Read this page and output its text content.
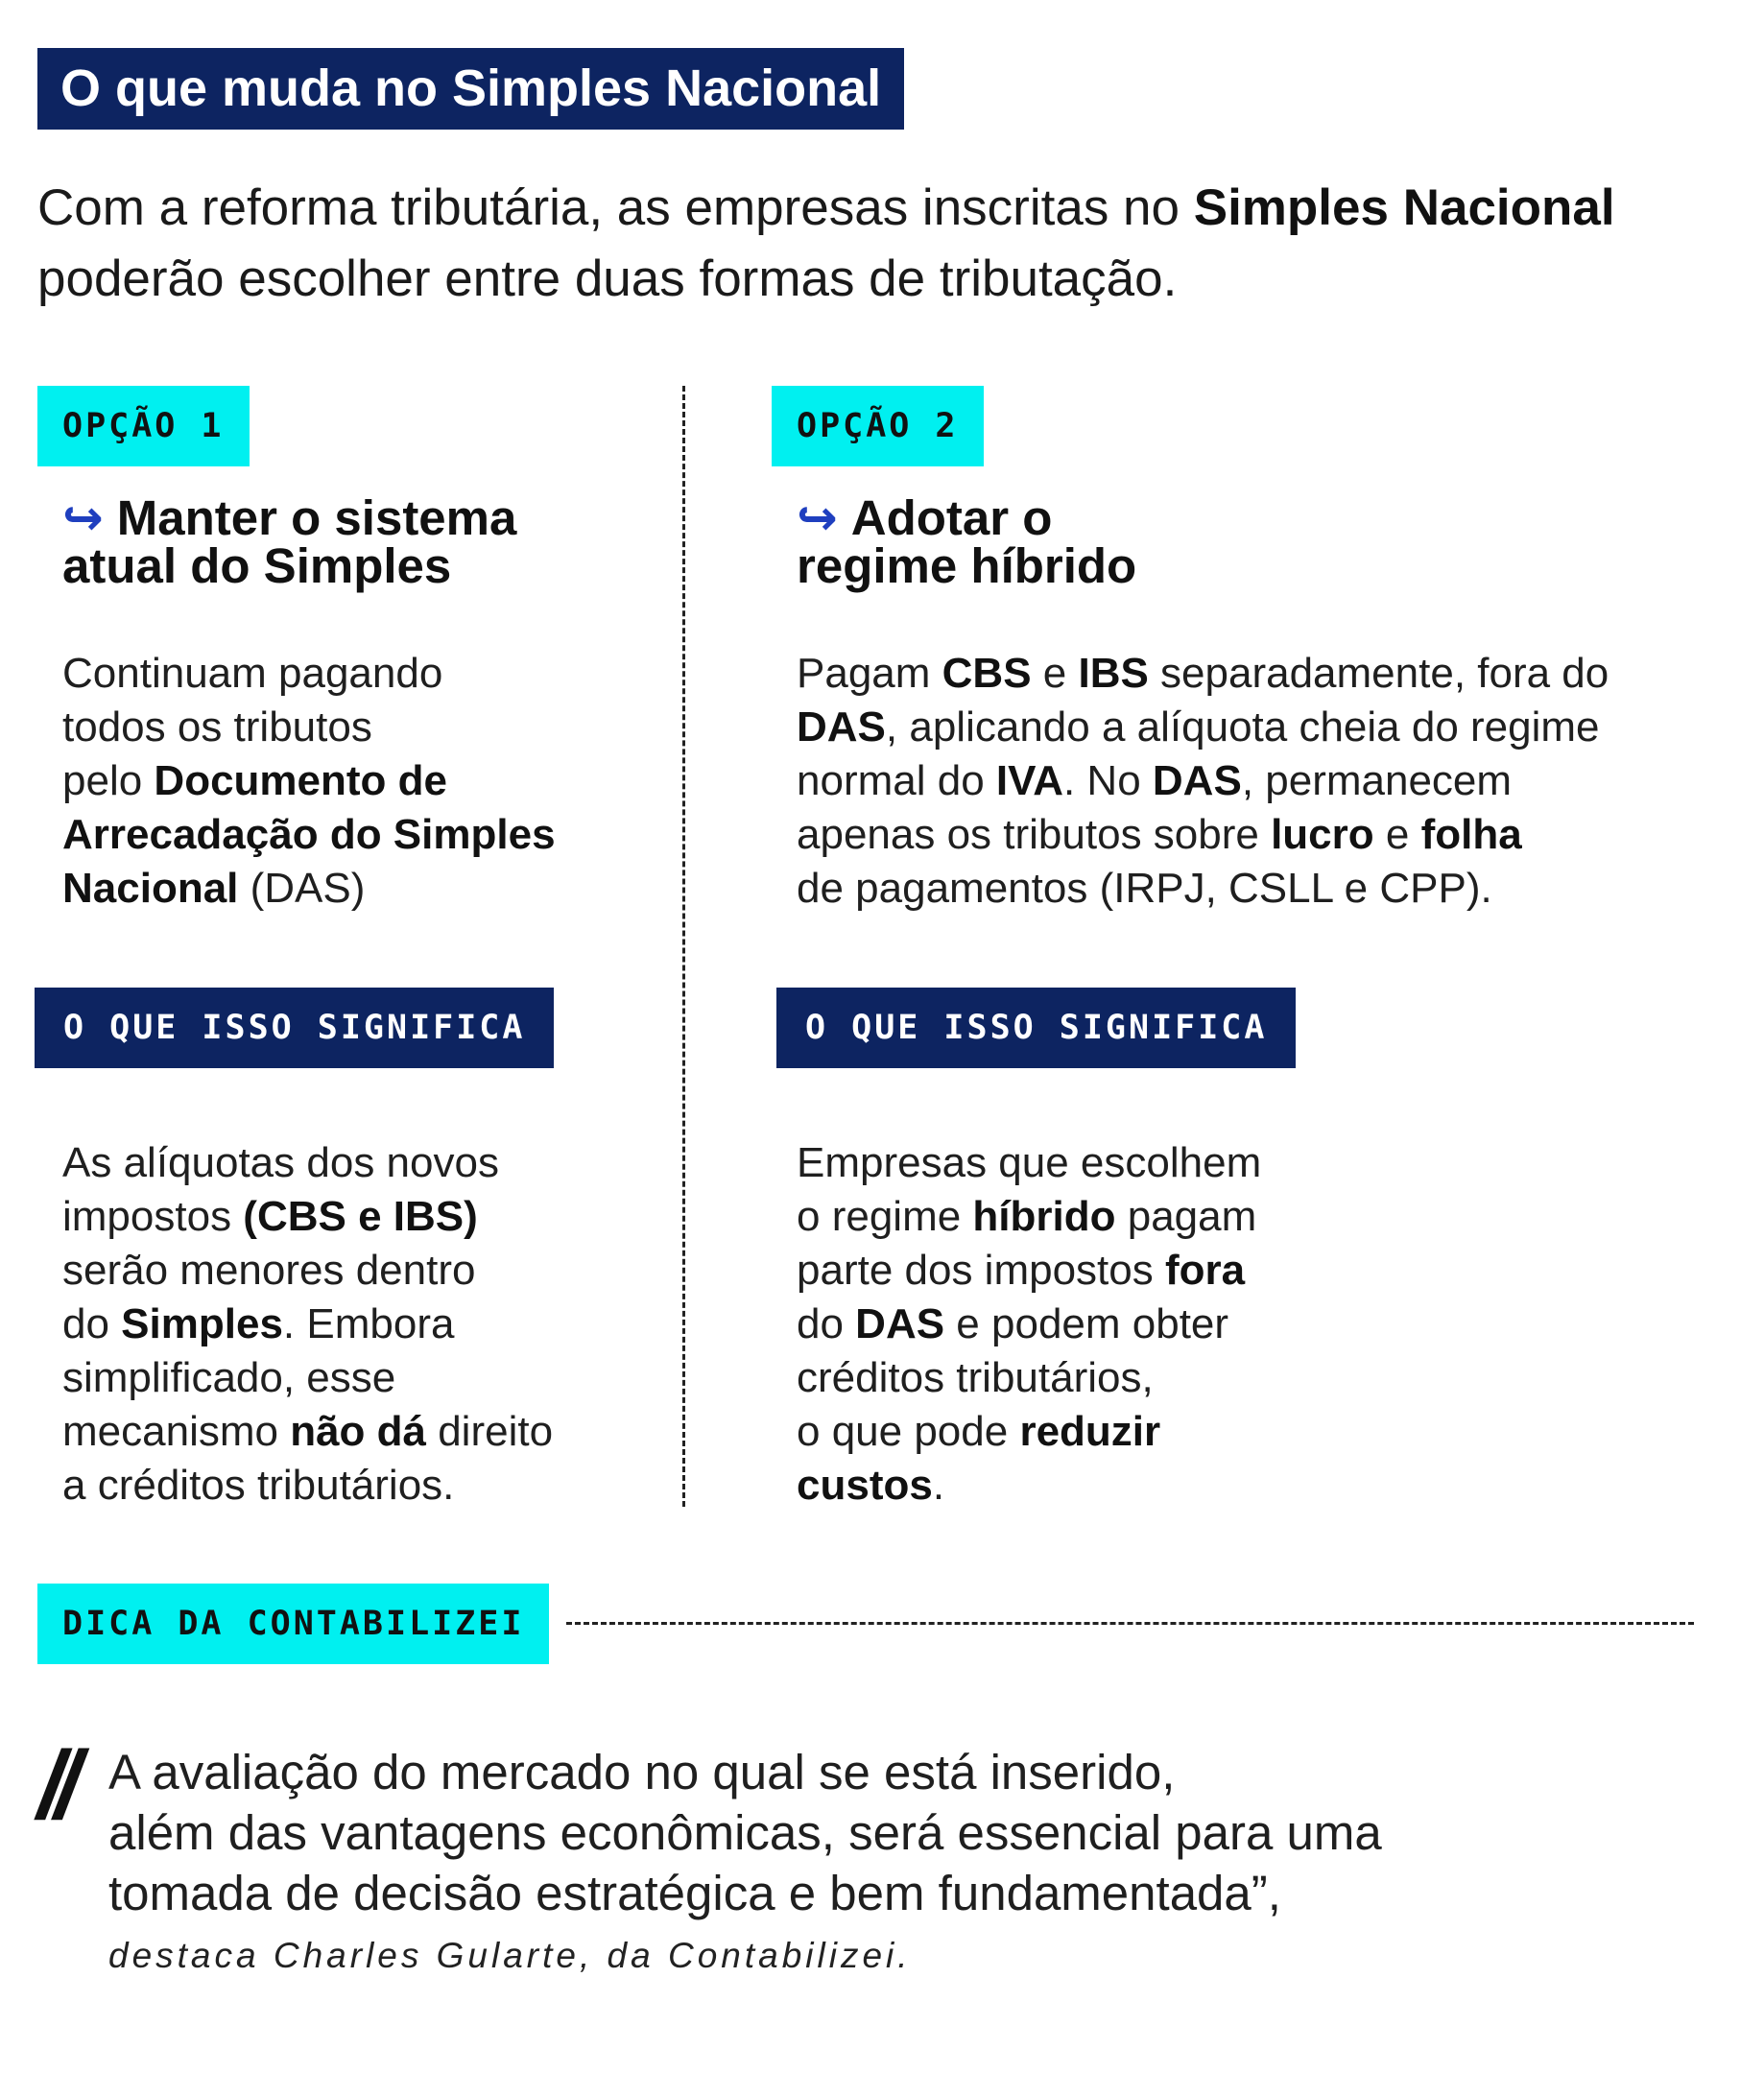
O que muda no Simples Nacional
Com a reforma tributária, as empresas inscritas no Simples Nacional
poderão escolher entre duas formas de tributação.
OPÇÃO 1
↪ Manter o sistema
atual do Simples
Continuam pagando
todos os tributos
pelo Documento de
Arrecadação do Simples
Nacional (DAS)
O QUE ISSO SIGNIFICA
As alíquotas dos novos
impostos (CBS e IBS)
serão menores dentro
do Simples. Embora
simplificado, esse
mecanismo não dá direito
a créditos tributários.
OPÇÃO 2
↪ Adotar o
regime híbrido
Pagam CBS e IBS separadamente, fora do
DAS, aplicando a alíquota cheia do regime
normal do IVA. No DAS, permanecem
apenas os tributos sobre lucro e folha
de pagamentos (IRPJ, CSLL e CPP).
O QUE ISSO SIGNIFICA
Empresas que escolhem
o regime híbrido pagam
parte dos impostos fora
do DAS e podem obter
créditos tributários,
o que pode reduzir
custos.
DICA DA CONTABILIZEI
// A avaliação do mercado no qual se está inserido,
além das vantagens econômicas, será essencial para uma
tomada de decisão estratégica e bem fundamentada”,
destaca Charles Gularte, da Contabilizei.
